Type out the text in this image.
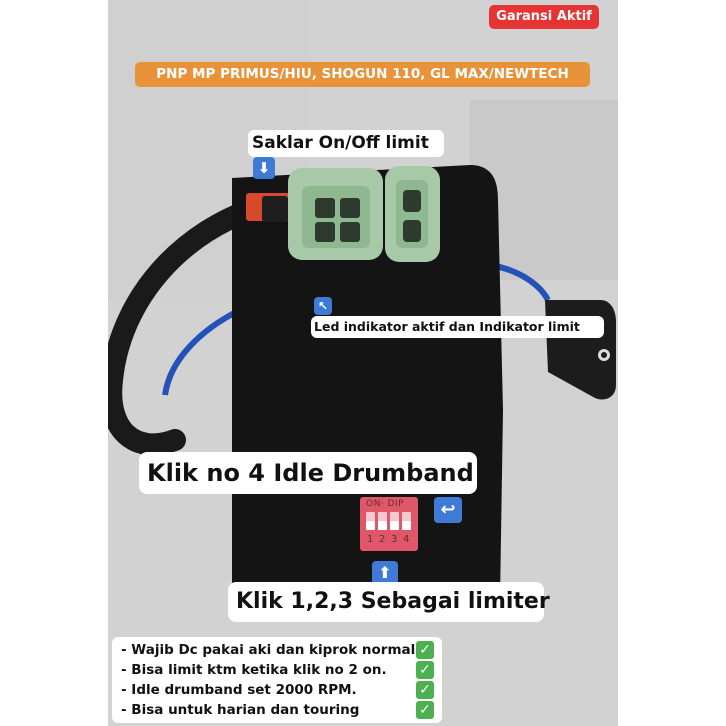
ON· DIP
1 2 3 4
Garansi Aktif
PNP MP PRIMUS/HIU, SHOGUN 110, GL MAX/NEWTECH
Saklar On/Off limit
⬇
↖
Led indikator aktif dan Indikator limit
Klik no 4 Idle Drumband
↩
⬆
Klik 1,2,3 Sebagai limiter
- Wajib Dc pakai aki dan kiprok normal ✓
- Bisa limit ktm ketika klik no 2 on. ✓
- Idle drumband set 2000 RPM.	✓
- Bisa untuk harian dan touring	✓
